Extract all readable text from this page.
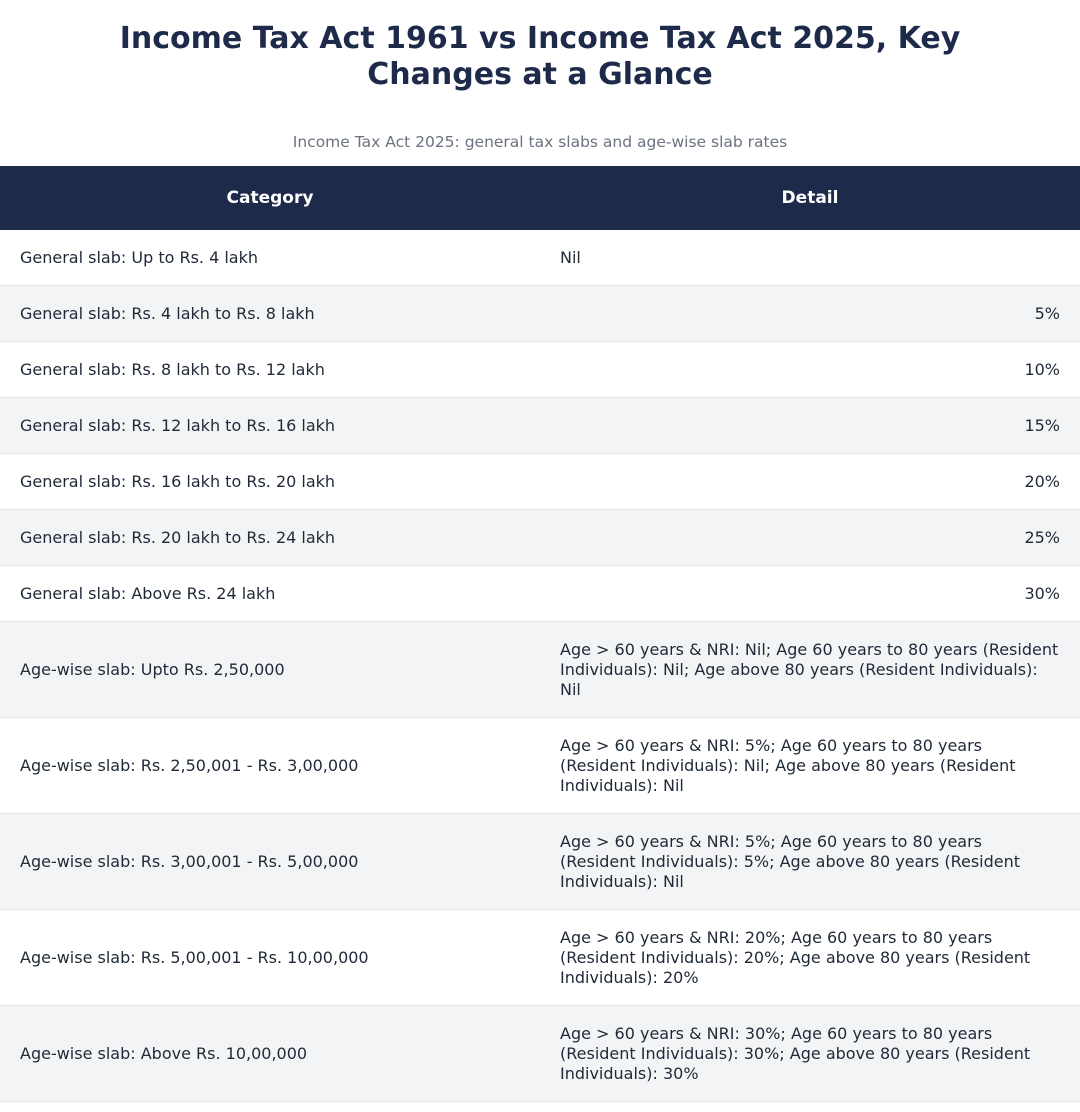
Income Tax Act 1961 vs Income Tax Act 2025, Key Changes at a Glance

Income Tax Act 2025: general tax slabs and age-wise slab rates

Category	Detail
General slab: Up to Rs. 4 lakh	Nil
General slab: Rs. 4 lakh to Rs. 8 lakh	5%
General slab: Rs. 8 lakh to Rs. 12 lakh	10%
General slab: Rs. 12 lakh to Rs. 16 lakh	15%
General slab: Rs. 16 lakh to Rs. 20 lakh	20%
General slab: Rs. 20 lakh to Rs. 24 lakh	25%
General slab: Above Rs. 24 lakh	30%
Age-wise slab: Upto Rs. 2,50,000	Age > 60 years & NRI: Nil; Age 60 years to 80 years (Resident Individuals): Nil; Age above 80 years (Resident Individuals): Nil
Age-wise slab: Rs. 2,50,001 - Rs. 3,00,000	Age > 60 years & NRI: 5%; Age 60 years to 80 years (Resident Individuals): Nil; Age above 80 years (Resident Individuals): Nil
Age-wise slab: Rs. 3,00,001 - Rs. 5,00,000	Age > 60 years & NRI: 5%; Age 60 years to 80 years (Resident Individuals): 5%; Age above 80 years (Resident Individuals): Nil
Age-wise slab: Rs. 5,00,001 - Rs. 10,00,000	Age > 60 years & NRI: 20%; Age 60 years to 80 years (Resident Individuals): 20%; Age above 80 years (Resident Individuals): 20%
Age-wise slab: Above Rs. 10,00,000	Age > 60 years & NRI: 30%; Age 60 years to 80 years (Resident Individuals): 30%; Age above 80 years (Resident Individuals): 30%
